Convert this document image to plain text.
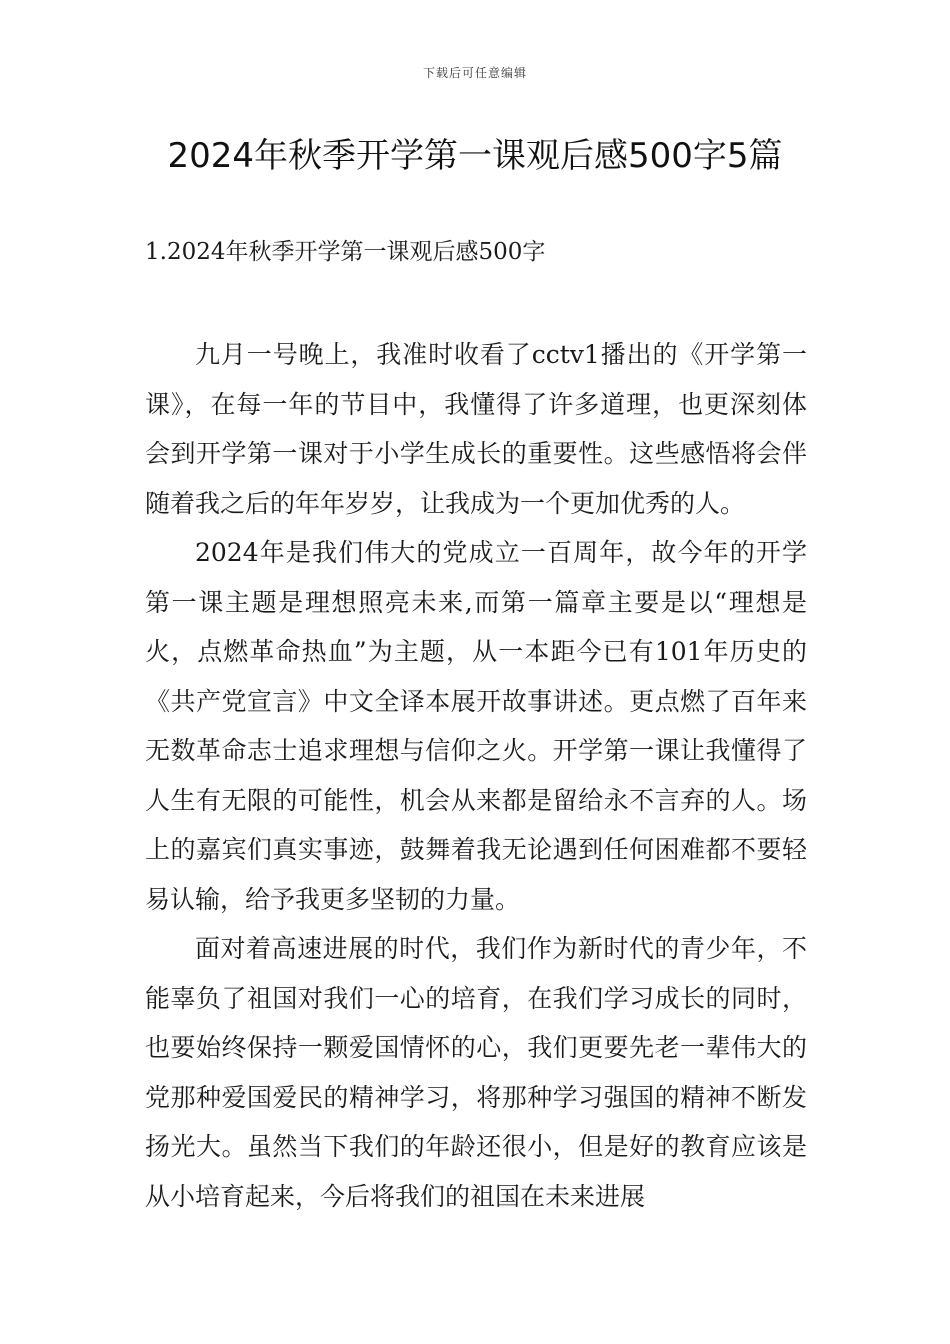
下载后可任意编辑
2024年秋季开学第一课观后感500字5篇
1.2024年秋季开学第一课观后感500字

九月一号晚上，我准时收看了cctv1播出的《开学第一课》，在每一年的节目中，我懂得了许多道理，也更深刻体会到开学第一课对于小学生成长的重要性。这些感悟将会伴随着我之后的年年岁岁，让我成为一个更加优秀的人。

2024年是我们伟大的党成立一百周年，故今年的开学第一课主题是理想照亮未来,而第一篇章主要是以“理想是火，点燃革命热血”为主题，从一本距今已有101年历史的《共产党宣言》中文全译本展开故事讲述。更点燃了百年来无数革命志士追求理想与信仰之火。开学第一课让我懂得了人生有无限的可能性，机会从来都是留给永不言弃的人。场上的嘉宾们真实事迹，鼓舞着我无论遇到任何困难都不要轻易认输，给予我更多坚韧的力量。

面对着高速进展的时代，我们作为新时代的青少年，不能辜负了祖国对我们一心的培育，在我们学习成长的同时，也要始终保持一颗爱国情怀的心，我们更要先老一辈伟大的党那种爱国爱民的精神学习，将那种学习强国的精神不断发扬光大。虽然当下我们的年龄还很小，但是好的教育应该是从小培育起来，今后将我们的祖国在未来进展
